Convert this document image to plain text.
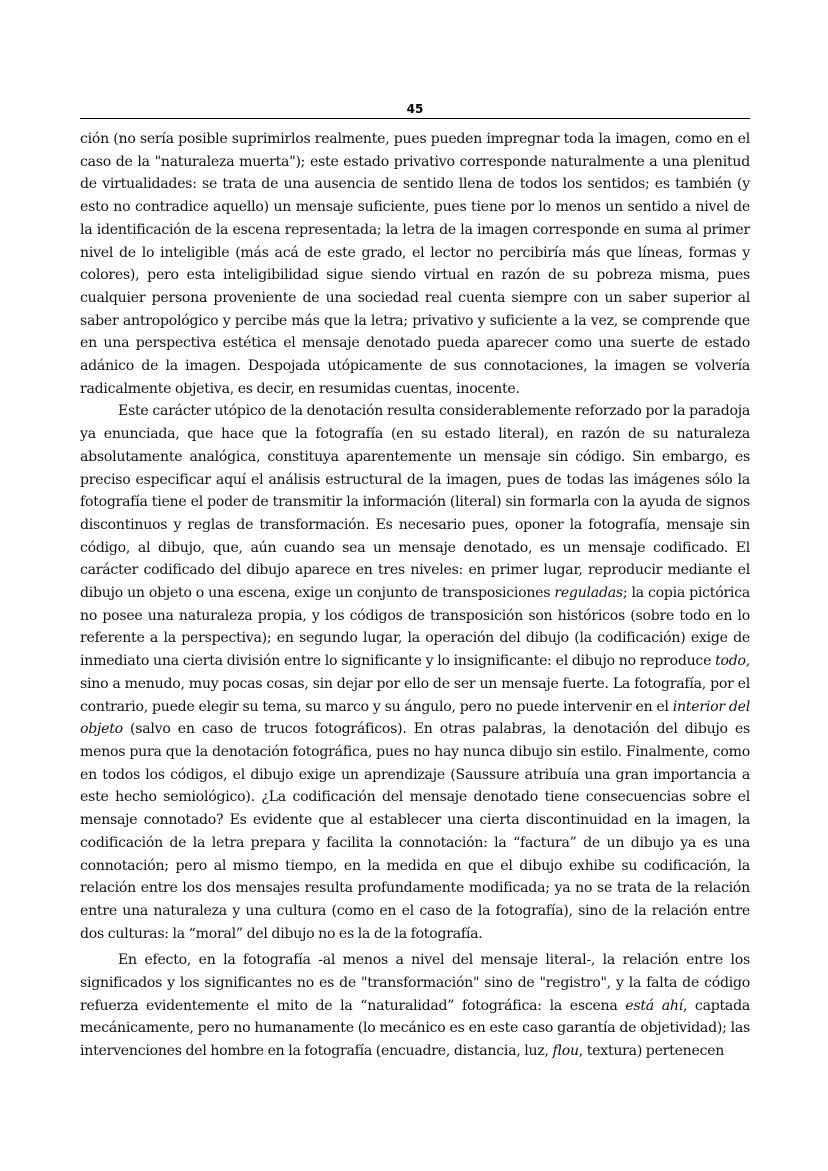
45

ción (no sería posible suprimirlos realmente, pues pueden impregnar toda la imagen, como en el caso de la "naturaleza muerta"); este estado privativo corresponde naturalmente a una plenitud de virtualidades: se trata de una ausencia de sentido llena de todos los sentidos; es también (y esto no contradice aquello) un mensaje suficiente, pues tiene por lo menos un sentido a nivel de la identificación de la escena representada; la letra de la imagen corresponde en suma al primer nivel de lo inteligible (más acá de este grado, el lector no percibiría más que líneas, formas y colores), pero esta inteligibilidad sigue siendo virtual en razón de su pobreza misma, pues cualquier persona proveniente de una sociedad real cuenta siempre con un saber superior al saber antropológico y percibe más que la letra; privativo y suficiente a la vez, se comprende que en una perspectiva estética el mensaje denotado pueda aparecer como una suerte de estado adánico de la imagen. Despojada utópicamente de sus connotaciones, la imagen se volvería radicalmente objetiva, es decir, en resumidas cuentas, inocente.

Este carácter utópico de la denotación resulta considerablemente reforzado por la paradoja ya enunciada, que hace que la fotografía (en su estado literal), en razón de su naturaleza absolutamente analógica, constituya aparentemente un mensaje sin código. Sin embargo, es preciso especificar aquí el análisis estructural de la imagen, pues de todas las imágenes sólo la fotografía tiene el poder de transmitir la información (literal) sin formarla con la ayuda de signos discontinuos y reglas de transformación. Es necesario pues, oponer la fotografía, mensaje sin código, al dibujo, que, aún cuando sea un mensaje denotado, es un mensaje codificado. El carácter codificado del dibujo aparece en tres niveles: en primer lugar, reproducir mediante el dibujo un objeto o una escena, exige un conjunto de transposiciones reguladas; la copia pictórica no posee una naturaleza propia, y los códigos de transposición son históricos (sobre todo en lo referente a la perspectiva); en segundo lugar, la operación del dibujo (la codificación) exige de inmediato una cierta división entre lo significante y lo insignificante: el dibujo no reproduce todo, sino a menudo, muy pocas cosas, sin dejar por ello de ser un mensaje fuerte. La fotografía, por el contrario, puede elegir su tema, su marco y su ángulo, pero no puede intervenir en el interior del objeto (salvo en caso de trucos fotográficos). En otras palabras, la denotación del dibujo es menos pura que la denotación fotográfica, pues no hay nunca dibujo sin estilo. Finalmente, como en todos los códigos, el dibujo exige un aprendizaje (Saussure atribuía una gran importancia a este hecho semiológico). ¿La codificación del mensaje denotado tiene consecuencias sobre el mensaje connotado? Es evidente que al establecer una cierta discontinuidad en la imagen, la codificación de la letra prepara y facilita la connotación: la “factura” de un dibujo ya es una connotación; pero al mismo tiempo, en la medida en que el dibujo exhibe su codificación, la relación entre los dos mensajes resulta profundamente modificada; ya no se trata de la relación entre una naturaleza y una cultura (como en el caso de la fotografía), sino de la relación entre dos culturas: la “moral” del dibujo no es la de la fotografía.

En efecto, en la fotografía -al menos a nivel del mensaje literal-, la relación entre los significados y los significantes no es de "transformación" sino de "registro", y la falta de código refuerza evidentemente el mito de la “naturalidad” fotográfica: la escena está ahí, captada mecánicamente, pero no humanamente (lo mecánico es en este caso garantía de objetividad); las intervenciones del hombre en la fotografía (encuadre, distancia, luz, flou, textura) pertenecen
